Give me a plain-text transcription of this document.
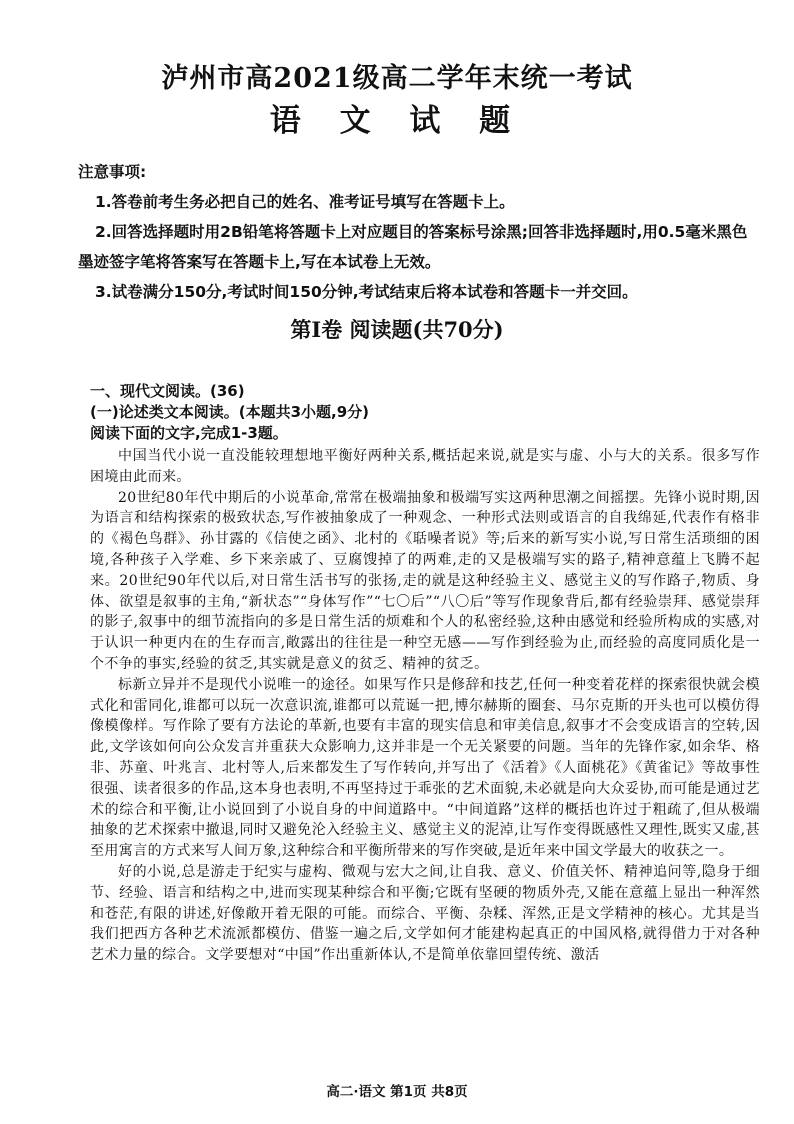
泸州市高2021级高二学年末统一考试
语 文 试 题
注意事项:
1.答卷前考生务必把自己的姓名、准考证号填写在答题卡上。
2.回答选择题时用2B铅笔将答题卡上对应题目的答案标号涂黑;回答非选择题时,用0.5毫米黑色墨迹签字笔将答案写在答题卡上,写在本试卷上无效。
3.试卷满分150分,考试时间150分钟,考试结束后将本试卷和答题卡一并交回。
第Ⅰ卷 阅读题(共70分)
一、现代文阅读。(36)
(一)论述类文本阅读。(本题共3小题,9分)
阅读下面的文字,完成1-3题。

中国当代小说一直没能较理想地平衡好两种关系,概括起来说,就是实与虚、小与大的关系。很多写作困境由此而来。

20世纪80年代中期后的小说革命,常常在极端抽象和极端写实这两种思潮之间摇摆。先锋小说时期,因为语言和结构探索的极致状态,写作被抽象成了一种观念、一种形式法则或语言的自我绵延,代表作有格非的《褐色鸟群》、孙甘露的《信使之函》、北村的《聒噪者说》等;后来的新写实小说,写日常生活琐细的困境,各种孩子入学难、乡下来亲戚了、豆腐馊掉了的两难,走的又是极端写实的路子,精神意蕴上飞腾不起来。20世纪90年代以后,对日常生活书写的张扬,走的就是这种经验主义、感觉主义的写作路子,物质、身体、欲望是叙事的主角,“新状态”“身体写作”“七〇后”“八〇后”等写作现象背后,都有经验崇拜、感觉崇拜的影子,叙事中的细节流指向的多是日常生活的烦难和个人的私密经验,这种由感觉和经验所构成的实感,对于认识一种更内在的生存而言,敞露出的往往是一种空无感——写作到经验为止,而经验的高度同质化是一个不争的事实,经验的贫乏,其实就是意义的贫乏、精神的贫乏。

标新立异并不是现代小说唯一的途径。如果写作只是修辞和技艺,任何一种变着花样的探索很快就会模式化和雷同化,谁都可以玩一次意识流,谁都可以荒诞一把,博尔赫斯的圈套、马尔克斯的开头也可以模仿得像模像样。写作除了要有方法论的革新,也要有丰富的现实信息和审美信息,叙事才不会变成语言的空转,因此,文学该如何向公众发言并重获大众影响力,这并非是一个无关紧要的问题。当年的先锋作家,如余华、格非、苏童、叶兆言、北村等人,后来都发生了写作转向,并写出了《活着》《人面桃花》《黄雀记》等故事性很强、读者很多的作品,这本身也表明,不再坚持过于乖张的艺术面貌,未必就是向大众妥协,而可能是通过艺术的综合和平衡,让小说回到了小说自身的中间道路中。“中间道路”这样的概括也许过于粗疏了,但从极端抽象的艺术探索中撤退,同时又避免沦入经验主义、感觉主义的泥淖,让写作变得既感性又理性,既实又虚,甚至用寓言的方式来写人间万象,这种综合和平衡所带来的写作突破,是近年来中国文学最大的收获之一。

好的小说,总是游走于纪实与虚构、微观与宏大之间,让自我、意义、价值关怀、精神追问等,隐身于细节、经验、语言和结构之中,进而实现某种综合和平衡;它既有坚硬的物质外壳,又能在意蕴上显出一种浑然和苍茫,有限的讲述,好像敞开着无限的可能。而综合、平衡、杂糅、浑然,正是文学精神的核心。尤其是当我们把西方各种艺术流派都模仿、借鉴一遍之后,文学如何才能建构起真正的中国风格,就得借力于对各种艺术力量的综合。文学要想对“中国”作出重新体认,不是简单依靠回望传统、激活

高二·语文 第1页 共8页
